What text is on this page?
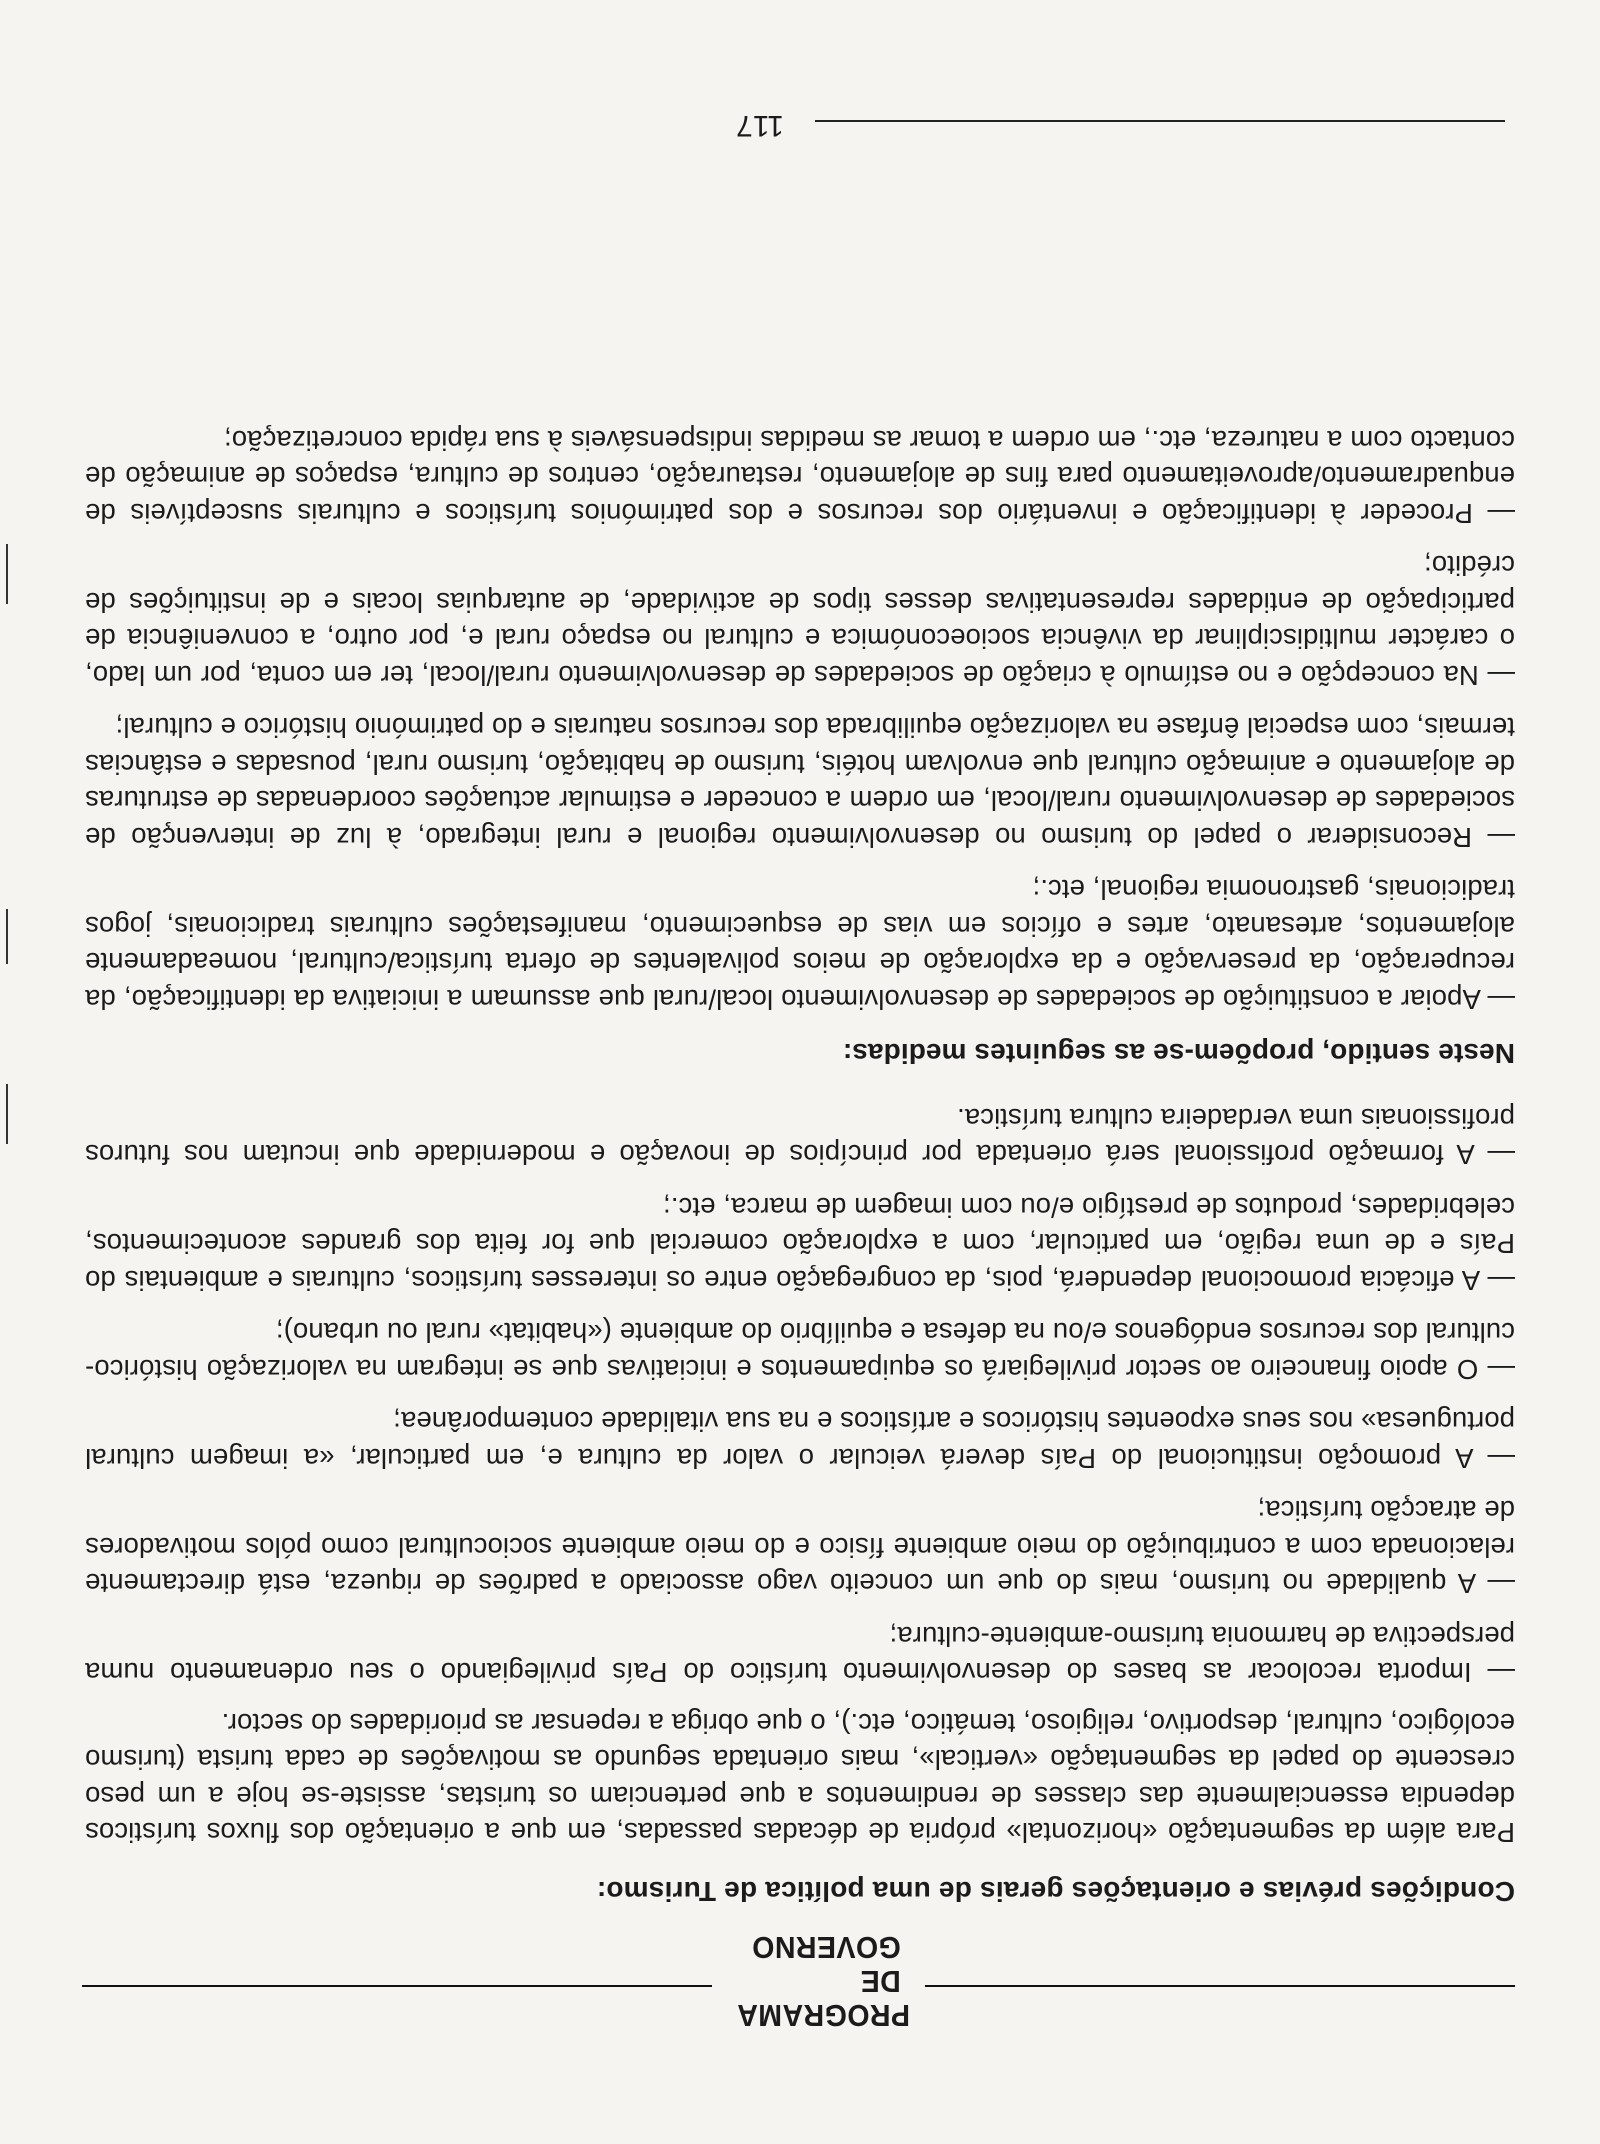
PROGRAMA
DE GOVERNO
Condições prévias e orientações gerais de uma política de Turismo:

Para além da segmentação «horizontal» própria de décadas passadas, em que a orientação dos fluxos turísticos dependia essencialmente das classes de rendimentos a que pertenciam os turistas, assiste-se hoje a um peso crescente do papel da segmentação «vertical», mais orientada segundo as motivações de cada turista (turismo ecológico, cultural, desportivo, religioso, temático, etc.), o que obriga a repensar as prioridades do sector.

— Importa recolocar as bases do desenvolvimento turístico do País privilegiando o seu ordenamento numa perspectiva de harmonia turismo-ambiente-cultura;

— A qualidade no turismo, mais do que um conceito vago associado a padrões de riqueza, está directamente relacionada com a contribuição do meio ambiente físico e do meio ambiente sociocultural como pólos motivadores de atracção turística;

— A promoção institucional do País deverá veicular o valor da cultura e, em particular, «a imagem cultural portuguesa» nos seus expoentes históricos e artísticos e na sua vitalidade contemporânea;

— O apoio financeiro ao sector privilegiará os equipamentos e iniciativas que se integram na valorização histórico-cultural dos recursos endógenos e/ou na defesa e equilíbrio do ambiente («habitat» rural ou urbano);

— A eficácia promocional dependerá, pois, da congregação entre os interesses turísticos, culturais e ambientais do País e de uma região, em particular, com a exploração comercial que for feita dos grandes acontecimentos, celebridades, produtos de prestígio e/ou com imagem de marca, etc.;

— A formação profissional será orientada por princípios de inovação e modernidade que incutam nos futuros profissionais uma verdadeira cultura turística.

Neste sentido, propõem-se as seguintes medidas:

— Apoiar a constituição de sociedades de desenvolvimento local/rural que assumam a iniciativa da identificação, da recuperação, da preservação e da exploração de meios polivalentes de oferta turística/cultural, nomeadamente alojamentos, artesanato, artes e ofícios em vias de esquecimento, manifestações culturais tradicionais, jogos tradicionais, gastronomia regional, etc.;

— Reconsiderar o papel do turismo no desenvolvimento regional e rural integrado, à luz de intervenção de sociedades de desenvolvimento rural/local, em ordem a conceder e estimular actuações coordenadas de estruturas de alojamento e animação cultural que envolvam hotéis, turismo de habitação, turismo rural, pousadas e estâncias termais, com especial ênfase na valorização equilibrada dos recursos naturais e do património histórico e cultural;

— Na concepção e no estímulo à criação de sociedades de desenvolvimento rural/local, ter em conta, por um lado, o carácter multidisciplinar da vivência socioeconómica e cultural no espaço rural e, por outro, a conveniência de participação de entidades representativas desses tipos de actividade, de autarquias locais e de instituições de crédito;

— Proceder à identificação e inventário dos recursos e dos patrimónios turísticos e culturais susceptíveis de enquadramento/aproveitamento para fins de alojamento, restauração, centros de cultura, espaços de animação de contacto com a natureza, etc., em ordem a tomar as medidas indispensáveis à sua rápida concretização;

117
